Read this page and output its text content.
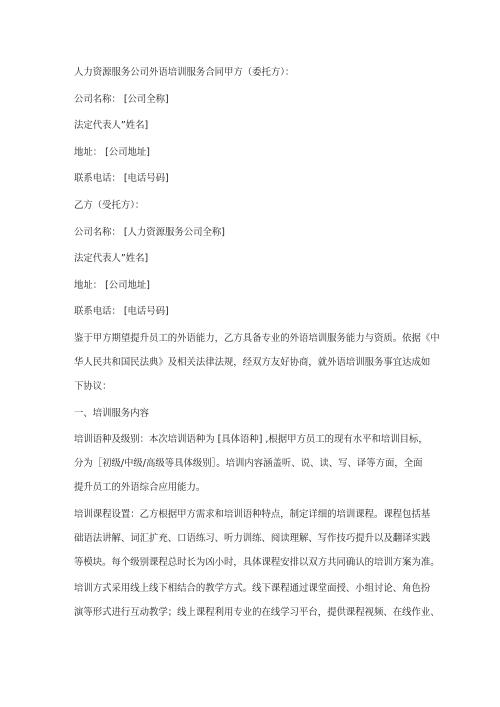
人力资源服务公司外语培训服务合同甲方（委托方）：
公司名称： [公司全称]
法定代表人”姓名]
地址： [公司地址]
联系电话： [电话号码]
乙方（受托方）：
公司名称： [人力资源服务公司全称]
法定代表人”姓名]
地址： [公司地址]
联系电话： [电话号码]
鉴于甲方期望提升员工的外语能力，乙方具备专业的外语培训服务能力与资质。依据《中
华人民共和国民法典》及相关法律法规，经双方友好协商，就外语培训服务事宜达成如
下协议：
一、培训服务内容
培训语种及级别：本次培训语种为 [具体语种] ,根据甲方员工的现有水平和培训目标，
分为［初级/中级/高级等具体级别］。培训内容涵盖听、说、读、写、译等方面，全面
提升员工的外语综合应用能力。
培训课程设置：乙方根据甲方需求和培训语种特点，制定详细的培训课程。课程包括基
础语法讲解、词汇扩充、口语练习、听力训练、阅读理解、写作技巧提升以及翻译实践
等模块。每个级别课程总时长为凶小时，具体课程安排以双方共同确认的培训方案为准。
培训方式采用线上线下相结合的教学方式。线下课程通过课堂面授、小组讨论、角色扮
演等形式进行互动教学；线上课程利用专业的在线学习平台，提供课程视频、在线作业、
